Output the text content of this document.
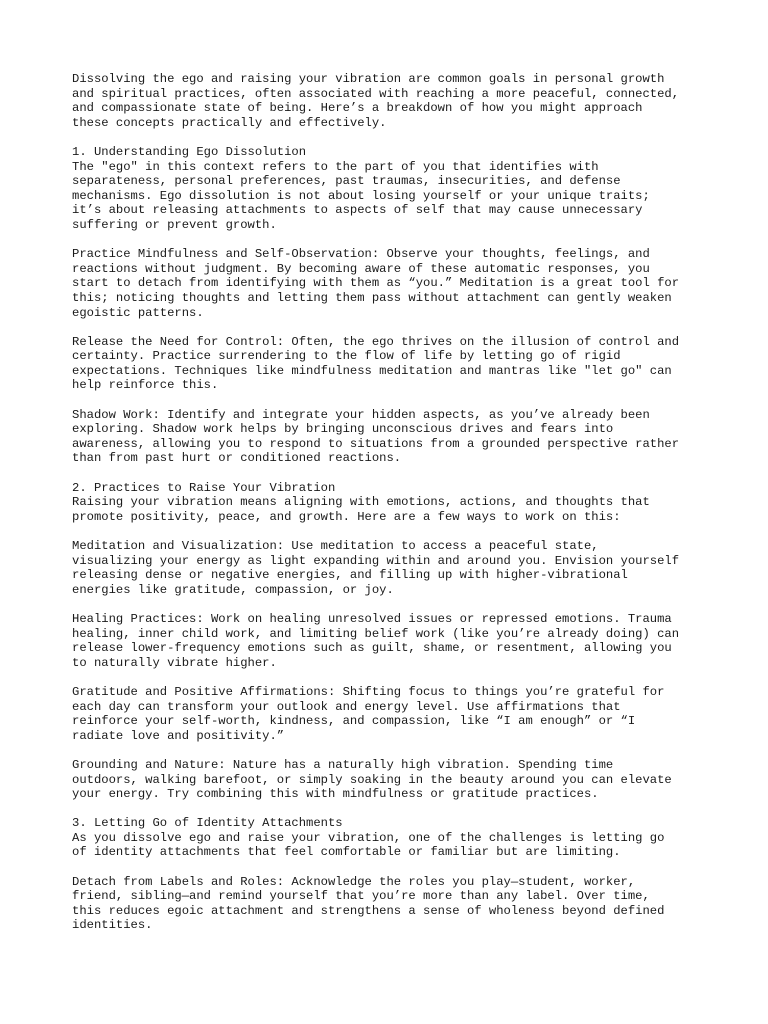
Dissolving the ego and raising your vibration are common goals in personal growth
and spiritual practices, often associated with reaching a more peaceful, connected,
and compassionate state of being. Here’s a breakdown of how you might approach
these concepts practically and effectively.
1. Understanding Ego Dissolution
The "ego" in this context refers to the part of you that identifies with
separateness, personal preferences, past traumas, insecurities, and defense
mechanisms. Ego dissolution is not about losing yourself or your unique traits;
it’s about releasing attachments to aspects of self that may cause unnecessary
suffering or prevent growth.
Practice Mindfulness and Self-Observation: Observe your thoughts, feelings, and
reactions without judgment. By becoming aware of these automatic responses, you
start to detach from identifying with them as “you.” Meditation is a great tool for
this; noticing thoughts and letting them pass without attachment can gently weaken
egoistic patterns.
Release the Need for Control: Often, the ego thrives on the illusion of control and
certainty. Practice surrendering to the flow of life by letting go of rigid
expectations. Techniques like mindfulness meditation and mantras like "let go" can
help reinforce this.
Shadow Work: Identify and integrate your hidden aspects, as you’ve already been
exploring. Shadow work helps by bringing unconscious drives and fears into
awareness, allowing you to respond to situations from a grounded perspective rather
than from past hurt or conditioned reactions.
2. Practices to Raise Your Vibration
Raising your vibration means aligning with emotions, actions, and thoughts that
promote positivity, peace, and growth. Here are a few ways to work on this:
Meditation and Visualization: Use meditation to access a peaceful state,
visualizing your energy as light expanding within and around you. Envision yourself
releasing dense or negative energies, and filling up with higher-vibrational
energies like gratitude, compassion, or joy.
Healing Practices: Work on healing unresolved issues or repressed emotions. Trauma
healing, inner child work, and limiting belief work (like you’re already doing) can
release lower-frequency emotions such as guilt, shame, or resentment, allowing you
to naturally vibrate higher.
Gratitude and Positive Affirmations: Shifting focus to things you’re grateful for
each day can transform your outlook and energy level. Use affirmations that
reinforce your self-worth, kindness, and compassion, like “I am enough” or “I
radiate love and positivity.”
Grounding and Nature: Nature has a naturally high vibration. Spending time
outdoors, walking barefoot, or simply soaking in the beauty around you can elevate
your energy. Try combining this with mindfulness or gratitude practices.
3. Letting Go of Identity Attachments
As you dissolve ego and raise your vibration, one of the challenges is letting go
of identity attachments that feel comfortable or familiar but are limiting.
Detach from Labels and Roles: Acknowledge the roles you play—student, worker,
friend, sibling—and remind yourself that you’re more than any label. Over time,
this reduces egoic attachment and strengthens a sense of wholeness beyond defined
identities.
